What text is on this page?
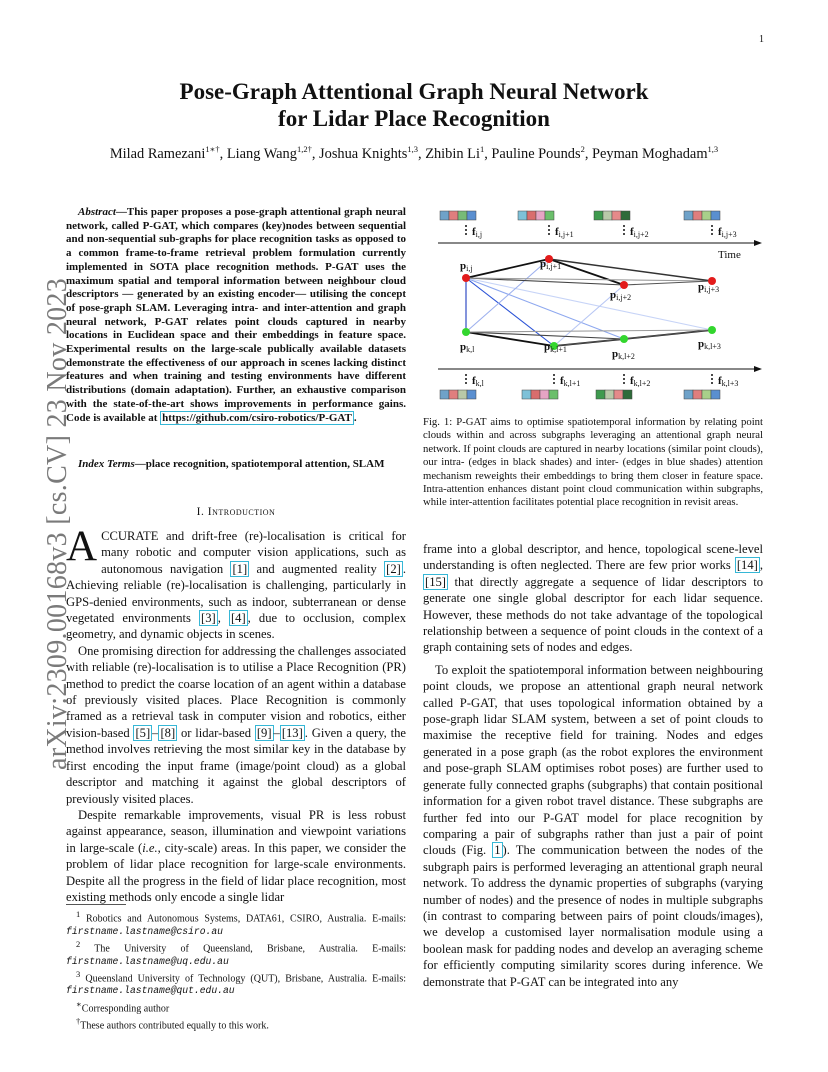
1
arXiv:2309.00168v3 [cs.CV] 23 Nov 2023
Pose-Graph Attentional Graph Neural Network
for Lidar Place Recognition
Milad Ramezani$^{1∗\dagger}$, Liang Wang$^{1,2\dagger}$, Joshua Knights$^{1,3}$, Zhibin Li$^1$, Pauline Pounds$^2$, Peyman Moghadam$^{1,3}$

Abstract—This paper proposes a pose-graph attentional graph neural network, called P-GAT, which compares (key)nodes between sequential and non-sequential sub-graphs for place recognition tasks as opposed to a common frame-to-frame retrieval problem formulation currently implemented in SOTA place recognition methods. P-GAT uses the maximum spatial and temporal information between neighbour cloud descriptors — generated by an existing encoder— utilising the concept of pose-graph SLAM. Leveraging intra- and inter-attention and graph neural network, P-GAT relates point clouds captured in nearby locations in Euclidean space and their embeddings in feature space. Experimental results on the large-scale publically available datasets demonstrate the effectiveness of our approach in scenes lacking distinct features and when training and testing environments have different distributions (domain adaptation). Further, an exhaustive comparison with the state-of-the-art shows improvements in performance gains. Code is available at https://github.com/csiro-robotics/P-GAT .

Index Terms—place recognition, spatiotemporal attention, SLAM

I. Introduction

ACCURATE and drift-free (re)-localisation is critical for many robotic and computer vision applications, such as autonomous navigation [1] and augmented reality [2] . Achieving reliable (re)-localisation is challenging, particularly in GPS-denied environments, such as indoor, subterranean or dense vegetated environments [3] , [4] , due to occlusion, complex geometry, and dynamic objects in scenes.

One promising direction for addressing the challenges associated with reliable (re)-localisation is to utilise a Place Recognition (PR) method to predict the coarse location of an agent within a database of previously visited places. Place Recognition is commonly framed as a retrieval task in computer vision and robotics, either vision-based [5] – [8] or lidar-based [9] – [13] . Given a query, the method involves retrieving the most similar key in the database by first encoding the input frame (image/point cloud) as a global descriptor and matching it against the global descriptors of previously visited places.

Despite remarkable improvements, visual PR is less robust against appearance, season, illumination and viewpoint variations in large-scale (i.e., city-scale) areas. In this paper, we consider the problem of lidar place recognition for large-scale environments. Despite all the progress in the field of lidar place recognition, most existing methods only encode a single lidar

$^1$ Robotics and Autonomous Systems, DATA61, CSIRO, Australia. E-mails: firstname.lastname@csiro.au

$^2$ The University of Queensland, Brisbane, Australia. E-mails: firstname.lastname@uq.edu.au

$^3$ Queensland University of Technology (QUT), Brisbane, Australia. E-mails: firstname.lastname@qut.edu.au

∗Corresponding author

†These authors contributed equally to this work.

fi,j	fi,j+1	fi,j+2	fi,j+3
Time
pi,j	pi,j+1
pi,j+2
pi,j+3
pk,l	pk,l+1	pk,l+2
pk,l+3
fk,l	fk,l+1	fk,l+2	fk,l+3

Fig. 1: P-GAT aims to optimise spatiotemporal information by relating point clouds within and across subgraphs leveraging an attentional graph neural network. If point clouds are captured in nearby locations (similar point clouds), our intra- (edges in black shades) and inter- (edges in blue shades) attention mechanism reweights their embeddings to bring them closer in feature space. Intra-attention enhances distant point cloud communication within subgraphs, while inter-attention facilitates potential place recognition in revisit areas.

frame into a global descriptor, and hence, topological scene-level understanding is often neglected. There are few prior works [14] , [15] that directly aggregate a sequence of lidar descriptors to generate one single global descriptor for each lidar sequence. However, these methods do not take advantage of the topological relationship between a sequence of point clouds in the context of a graph containing sets of nodes and edges.

To exploit the spatiotemporal information between neighbouring point clouds, we propose an attentional graph neural network called P-GAT, that uses topological information obtained by a pose-graph lidar SLAM system, between a set of point clouds to maximise the receptive field for training. Nodes and edges generated in a pose graph (as the robot explores the environment and pose-graph SLAM optimises robot poses) are further used to generate fully connected graphs (subgraphs) that contain positional information for a given robot travel distance. These subgraphs are further fed into our P-GAT model for place recognition by comparing a pair of subgraphs rather than just a pair of point clouds (Fig. 1 ). The communication between the nodes of the subgraph pairs is performed leveraging an attentional graph neural network. To address the dynamic properties of subgraphs (varying number of nodes) and the presence of nodes in multiple subgraphs (in contrast to comparing between pairs of point clouds/images), we develop a customised layer normalisation module using a boolean mask for padding nodes and develop an averaging scheme for efficiently computing similarity scores during inference. We demonstrate that P-GAT can be integrated into any
